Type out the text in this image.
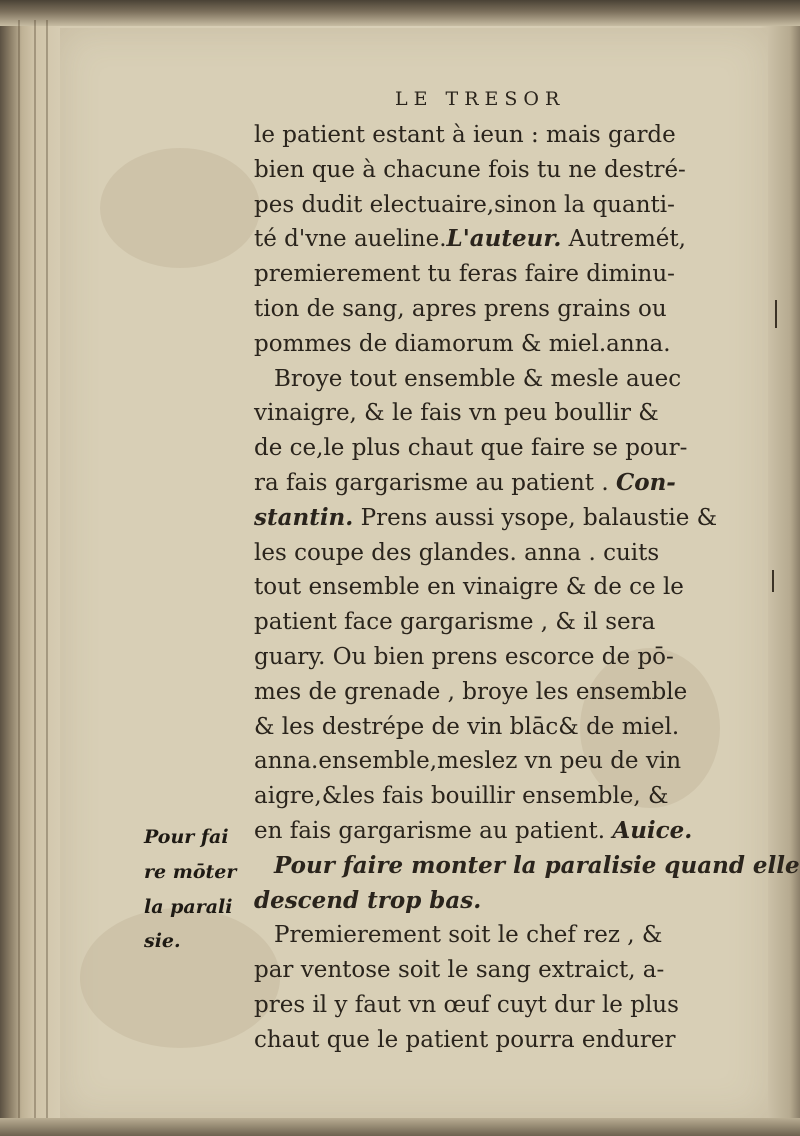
LE TRESOR
le patient estant à ieun : mais garde
bien que à chacune fois tu ne destré-
pes dudit electuaire,sinon la quanti-
té d'vne aueline.L'auteur. Autremét,
premierement tu feras faire diminu-
tion de sang, apres prens grains ou
pommes de diamorum & miel.anna.
Broye tout ensemble & mesle auec
vinaigre, & le fais vn peu boullir &
de ce,le plus chaut que faire se pour-
ra fais gargarisme au patient . Con-
stantin. Prens aussi ysope, balaustie &
les coupe des glandes. anna . cuits
tout ensemble en vinaigre & de ce le
patient face gargarisme , & il sera
guary. Ou bien prens escorce de pō-
mes de grenade , broye les ensemble
& les destrépe de vin blāc& de miel.
anna.ensemble,meslez vn peu de vin
aigre,&les fais bouillir ensemble, &
en fais gargarisme au patient. Auice.
Pour faire monter la paralisie quand elle
descend trop bas.
Premierement soit le chef rez , &
par ventose soit le sang extraict, a-
pres il y faut vn œuf cuyt dur le plus
chaut que le patient pourra endurer
Pour fai
re mōter
la parali
sie.
